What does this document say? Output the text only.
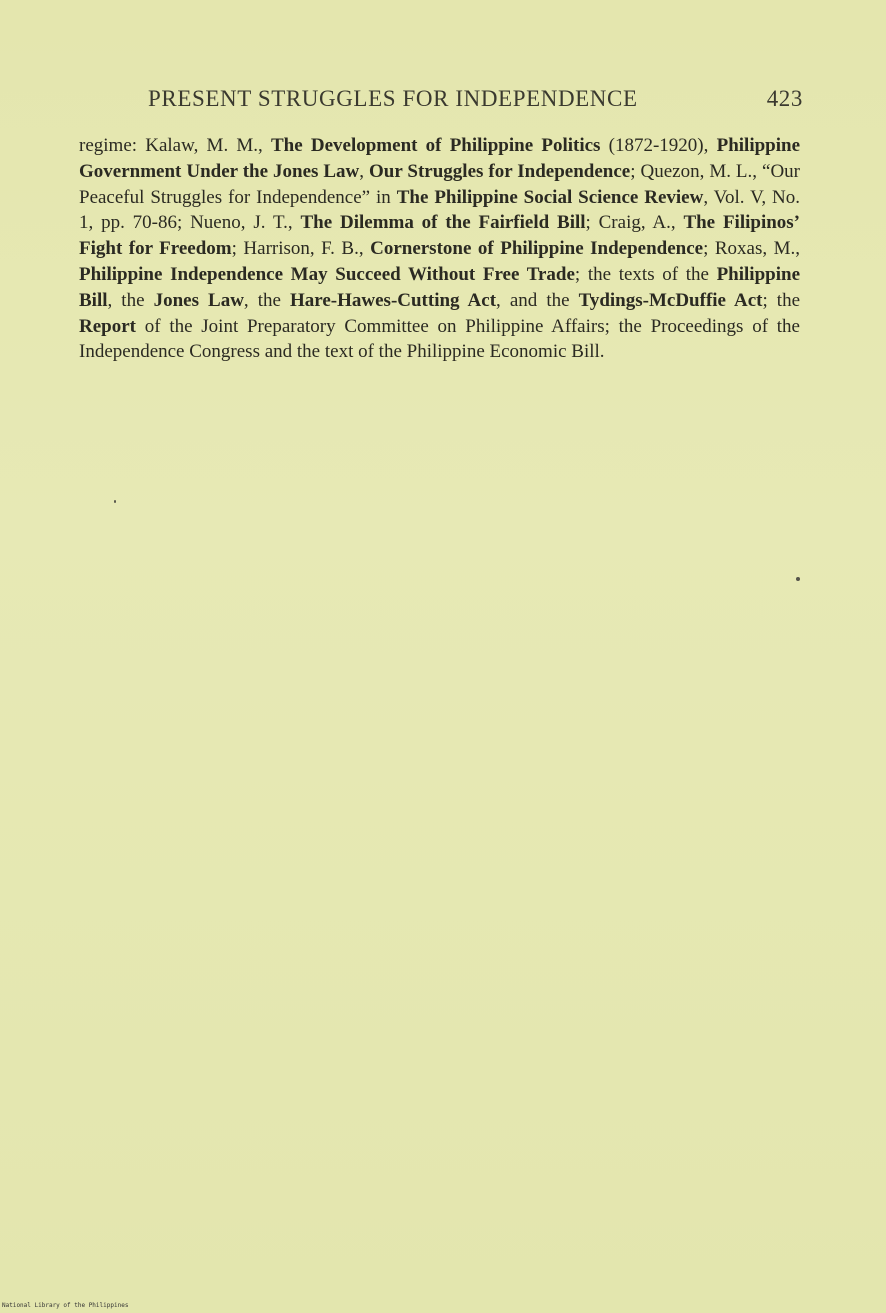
PRESENT STRUGGLES FOR INDEPENDENCE	423

regime: Kalaw, M. M., The Development of Philippine Politics (1872-1920), Philippine Government Under the Jones Law, Our Struggles for Independence; Quezon, M. L., “Our Peaceful Struggles for Independence” in The Philippine Social Science Review, Vol. V, No. 1, pp. 70-86; Nueno, J. T., The Dilemma of the Fairfield Bill; Craig, A., The Filipinos’ Fight for Freedom; Harrison, F. B., Cornerstone of Philippine Independence; Roxas, M., Philippine Independence May Succeed Without Free Trade; the texts of the Philippine Bill, the Jones Law, the Hare-Hawes-Cutting Act, and the Tydings-McDuffie Act; the Report of the Joint Preparatory Committee on Philippine Affairs; the Proceedings of the Independence Congress and the text of the Philippine Economic Bill.

National Library of the Philippines
